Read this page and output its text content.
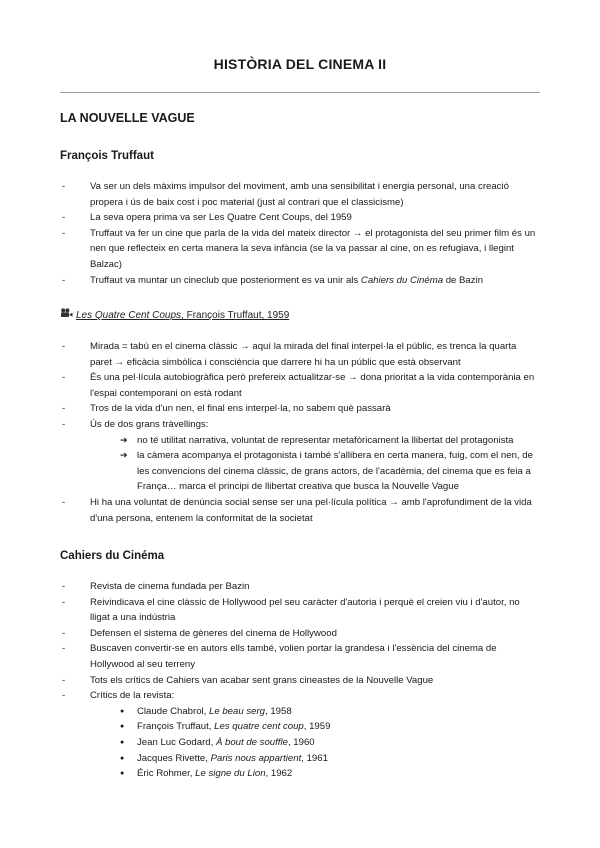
HISTÒRIA DEL CINEMA II
LA NOUVELLE VAGUE
François Truffaut
- Va ser un dels màxims impulsor del moviment, amb una sensibilitat i energia personal, una creació propera i ús de baix cost i poc material (just al contrari que el classicisme)
- La seva opera prima va ser Les Quatre Cent Coups, del 1959
- Truffaut va fer un cine que parla de la vida del mateix director → el protagonista del seu primer film és un nen que reflecteix en certa manera la seva infància (se la va passar al cine, on es refugiava, i llegint Balzac)
- Truffaut va muntar un cineclub que posteriorment es va unir als Cahiers du Cinéma de Bazin
Les Quatre Cent Coups, François Truffaut, 1959
- Mirada = tabú en el cinema clàssic → aquí la mirada del final interpel·la el públic, es trenca la quarta paret → eficàcia simbòlica i consciència que darrere hi ha un públic que està observant
- És una pel·lícula autobiogràfica però prefereix actualitzar-se → dona prioritat a la vida contemporània en l'espai contemporani on està rodant
- Tros de la vida d'un nen, el final ens interpel·la, no sabem què passarà
- Ús de dos grans tràvellings:
➔ no té utilitat narrativa, voluntat de representar metafòricament la llibertat del protagonista
➔ la càmera acompanya el protagonista i també s'allibera en certa manera, fuig, com el nen, de les convencions del cinema clàssic, de grans actors, de l'acadèmia, del cinema que es feia a França… marca el principi de llibertat creativa que busca la Nouvelle Vague
- Hi ha una voluntat de denúncia social sense ser una pel·lícula política → amb l'aprofundiment de la vida d'una persona, entenem la conformitat de la societat
Cahiers du Cinéma
- Revista de cinema fundada per Bazin
- Reivindicava el cine clàssic de Hollywood pel seu caràcter d'autoria i perquè el creien viu i d'autor, no lligat a una indústria
- Defensen el sistema de gèneres del cinema de Hollywood
- Buscaven convertir-se en autors ells també, volien portar la grandesa i l'essència del cinema de Hollywood al seu terreny
- Tots els crítics de Cahiers van acabar sent grans cineastes de la Nouvelle Vague
- Crítics de la revista:
● Claude Chabrol, Le beau serg, 1958
● François Truffaut, Les quatre cent coup, 1959
● Jean Luc Godard, À bout de souffle, 1960
● Jacques Rivette, Paris nous appartient, 1961
● Éric Rohmer, Le signe du Lion, 1962
